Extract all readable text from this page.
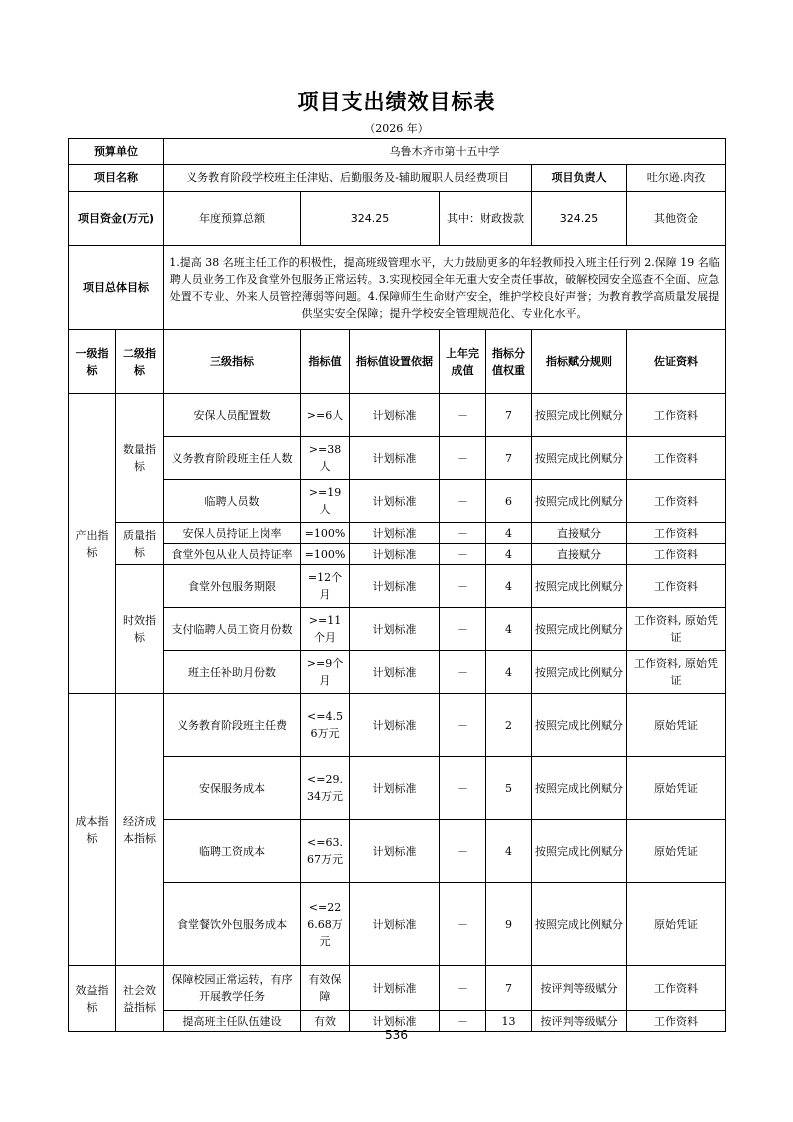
项目支出绩效目标表
（2026 年）
预算单位		乌鲁木齐市第十五中学							
项目名称		义务教育阶段学校班主任津贴、后勤服务及-辅助履职人员经费项目					项目负责人	吐尔逊.肉孜	
项目资金(万元)		年度预算总额	324.25		其中：财政拨款		324.25	其他资金	
项目总体目标		1.提高 38 名班主任工作的积极性，提高班级管理水平，大力鼓励更多的年轻教师投入班主任行列 2.保障 19 名临聘人员业务工作及食堂外包服务正常运转。3.实现校园全年无重大安全责任事故，破解校园安全巡查不全面、应急处置不专业、外来人员管控薄弱等问题。4.保障师生生命财产安全，维护学校良好声誉；为教育教学高质量发展提供坚实安全保障；提升学校安全管理规范化、专业化水平。							
一级指标	二级指标	三级指标	指标值	指标值设置依据	上年完成值	指标分值权重	指标赋分规则	佐证资料	
产出指标	数量指标	安保人员配置数	>=6人	计划标准	－	7	按照完成比例赋分	工作资料	
		义务教育阶段班主任人数	>=38人	计划标准	－	7	按照完成比例赋分	工作资料	
		临聘人员数	>=19人	计划标准	－	6	按照完成比例赋分	工作资料	
	质量指标	安保人员持证上岗率	=100%	计划标准	－	4	直接赋分	工作资料	
		食堂外包从业人员持证率	=100%	计划标准	－	4	直接赋分	工作资料	
	时效指标	食堂外包服务期限	=12个月	计划标准	－	4	按照完成比例赋分	工作资料	
		支付临聘人员工资月份数	>=11个月	计划标准	－	4	按照完成比例赋分	工作资料, 原始凭证	
		班主任补助月份数	>=9个月	计划标准	－	4	按照完成比例赋分	工作资料, 原始凭证	
成本指标	经济成本指标	义务教育阶段班主任费	<=4.56万元	计划标准	－	2	按照完成比例赋分	原始凭证	
		安保服务成本	<=29.34万元	计划标准	－	5	按照完成比例赋分	原始凭证	
		临聘工资成本	<=63.67万元	计划标准	－	4	按照完成比例赋分	原始凭证	
		食堂餐饮外包服务成本	<=226.68万元	计划标准	－	9	按照完成比例赋分	原始凭证	
效益指标	社会效益指标	保障校园正常运转，有序开展教学任务	有效保障	计划标准	－	7	按评判等级赋分	工作资料	
		提高班主任队伍建设	有效	计划标准	－	13	按评判等级赋分	工作资料	
536
